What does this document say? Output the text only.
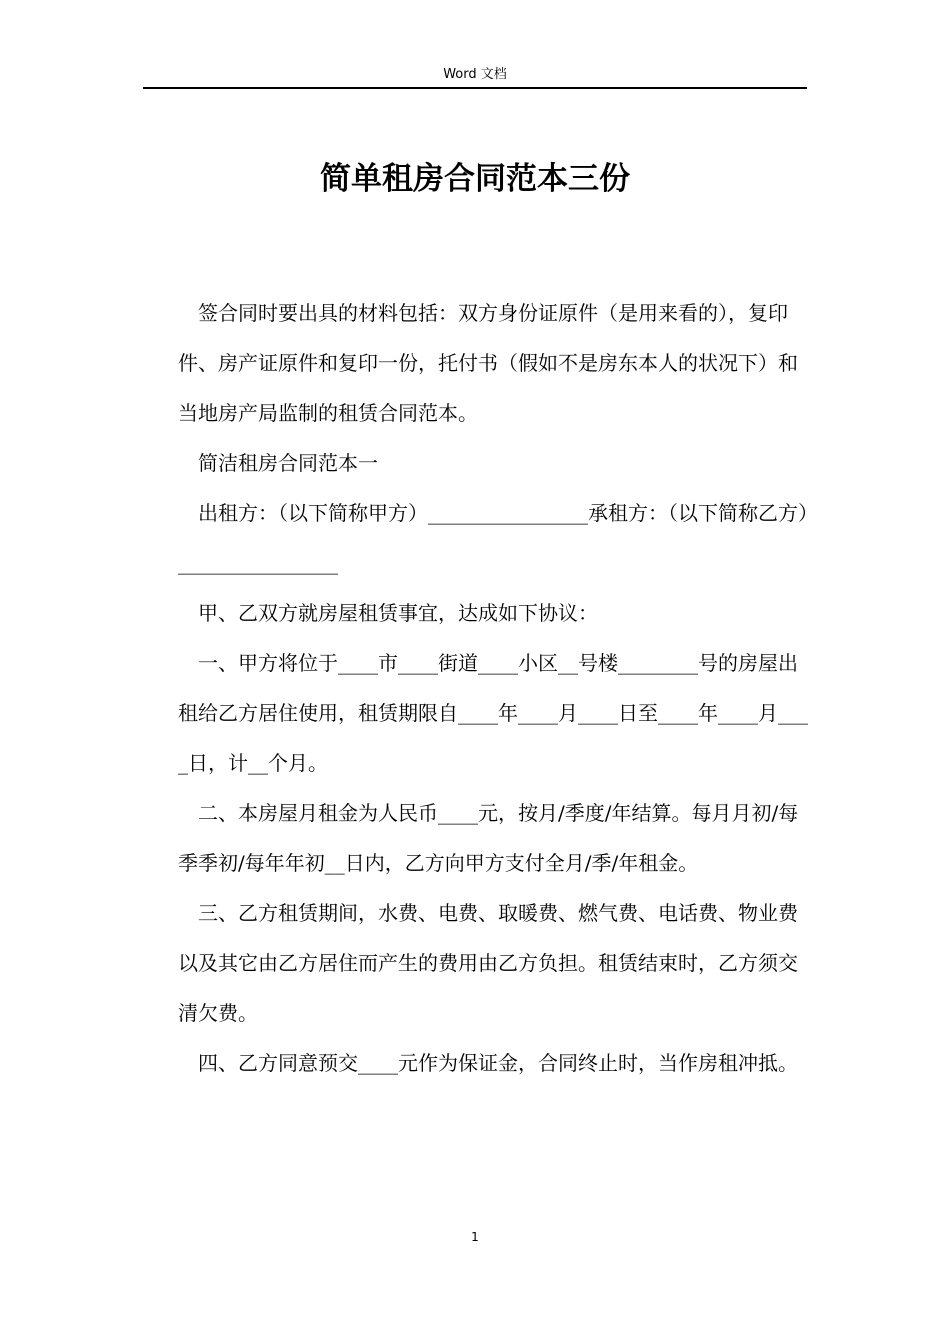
Word 文档
简单租房合同范本三份

签合同时要出具的材料包括：双方身份证原件（是用来看的），复印件、房产证原件和复印一份，托付书（假如不是房东本人的状况下）和当地房产局监制的租赁合同范本。

简洁租房合同范本一

出租方：（以下简称甲方）________________承租方：（以下简称乙方）________________

甲、乙双方就房屋租赁事宜，达成如下协议：

一、甲方将位于____市____街道____小区__号楼________号的房屋出租给乙方居住使用，租赁期限自____年____月____日至____年____月____日，计__个月。

二、本房屋月租金为人民币____元，按月/季度/年结算。每月月初/每季季初/每年年初__日内，乙方向甲方支付全月/季/年租金。

三、乙方租赁期间，水费、电费、取暖费、燃气费、电话费、物业费以及其它由乙方居住而产生的费用由乙方负担。租赁结束时，乙方须交清欠费。

四、乙方同意预交____元作为保证金，合同终止时，当作房租冲抵。

1
